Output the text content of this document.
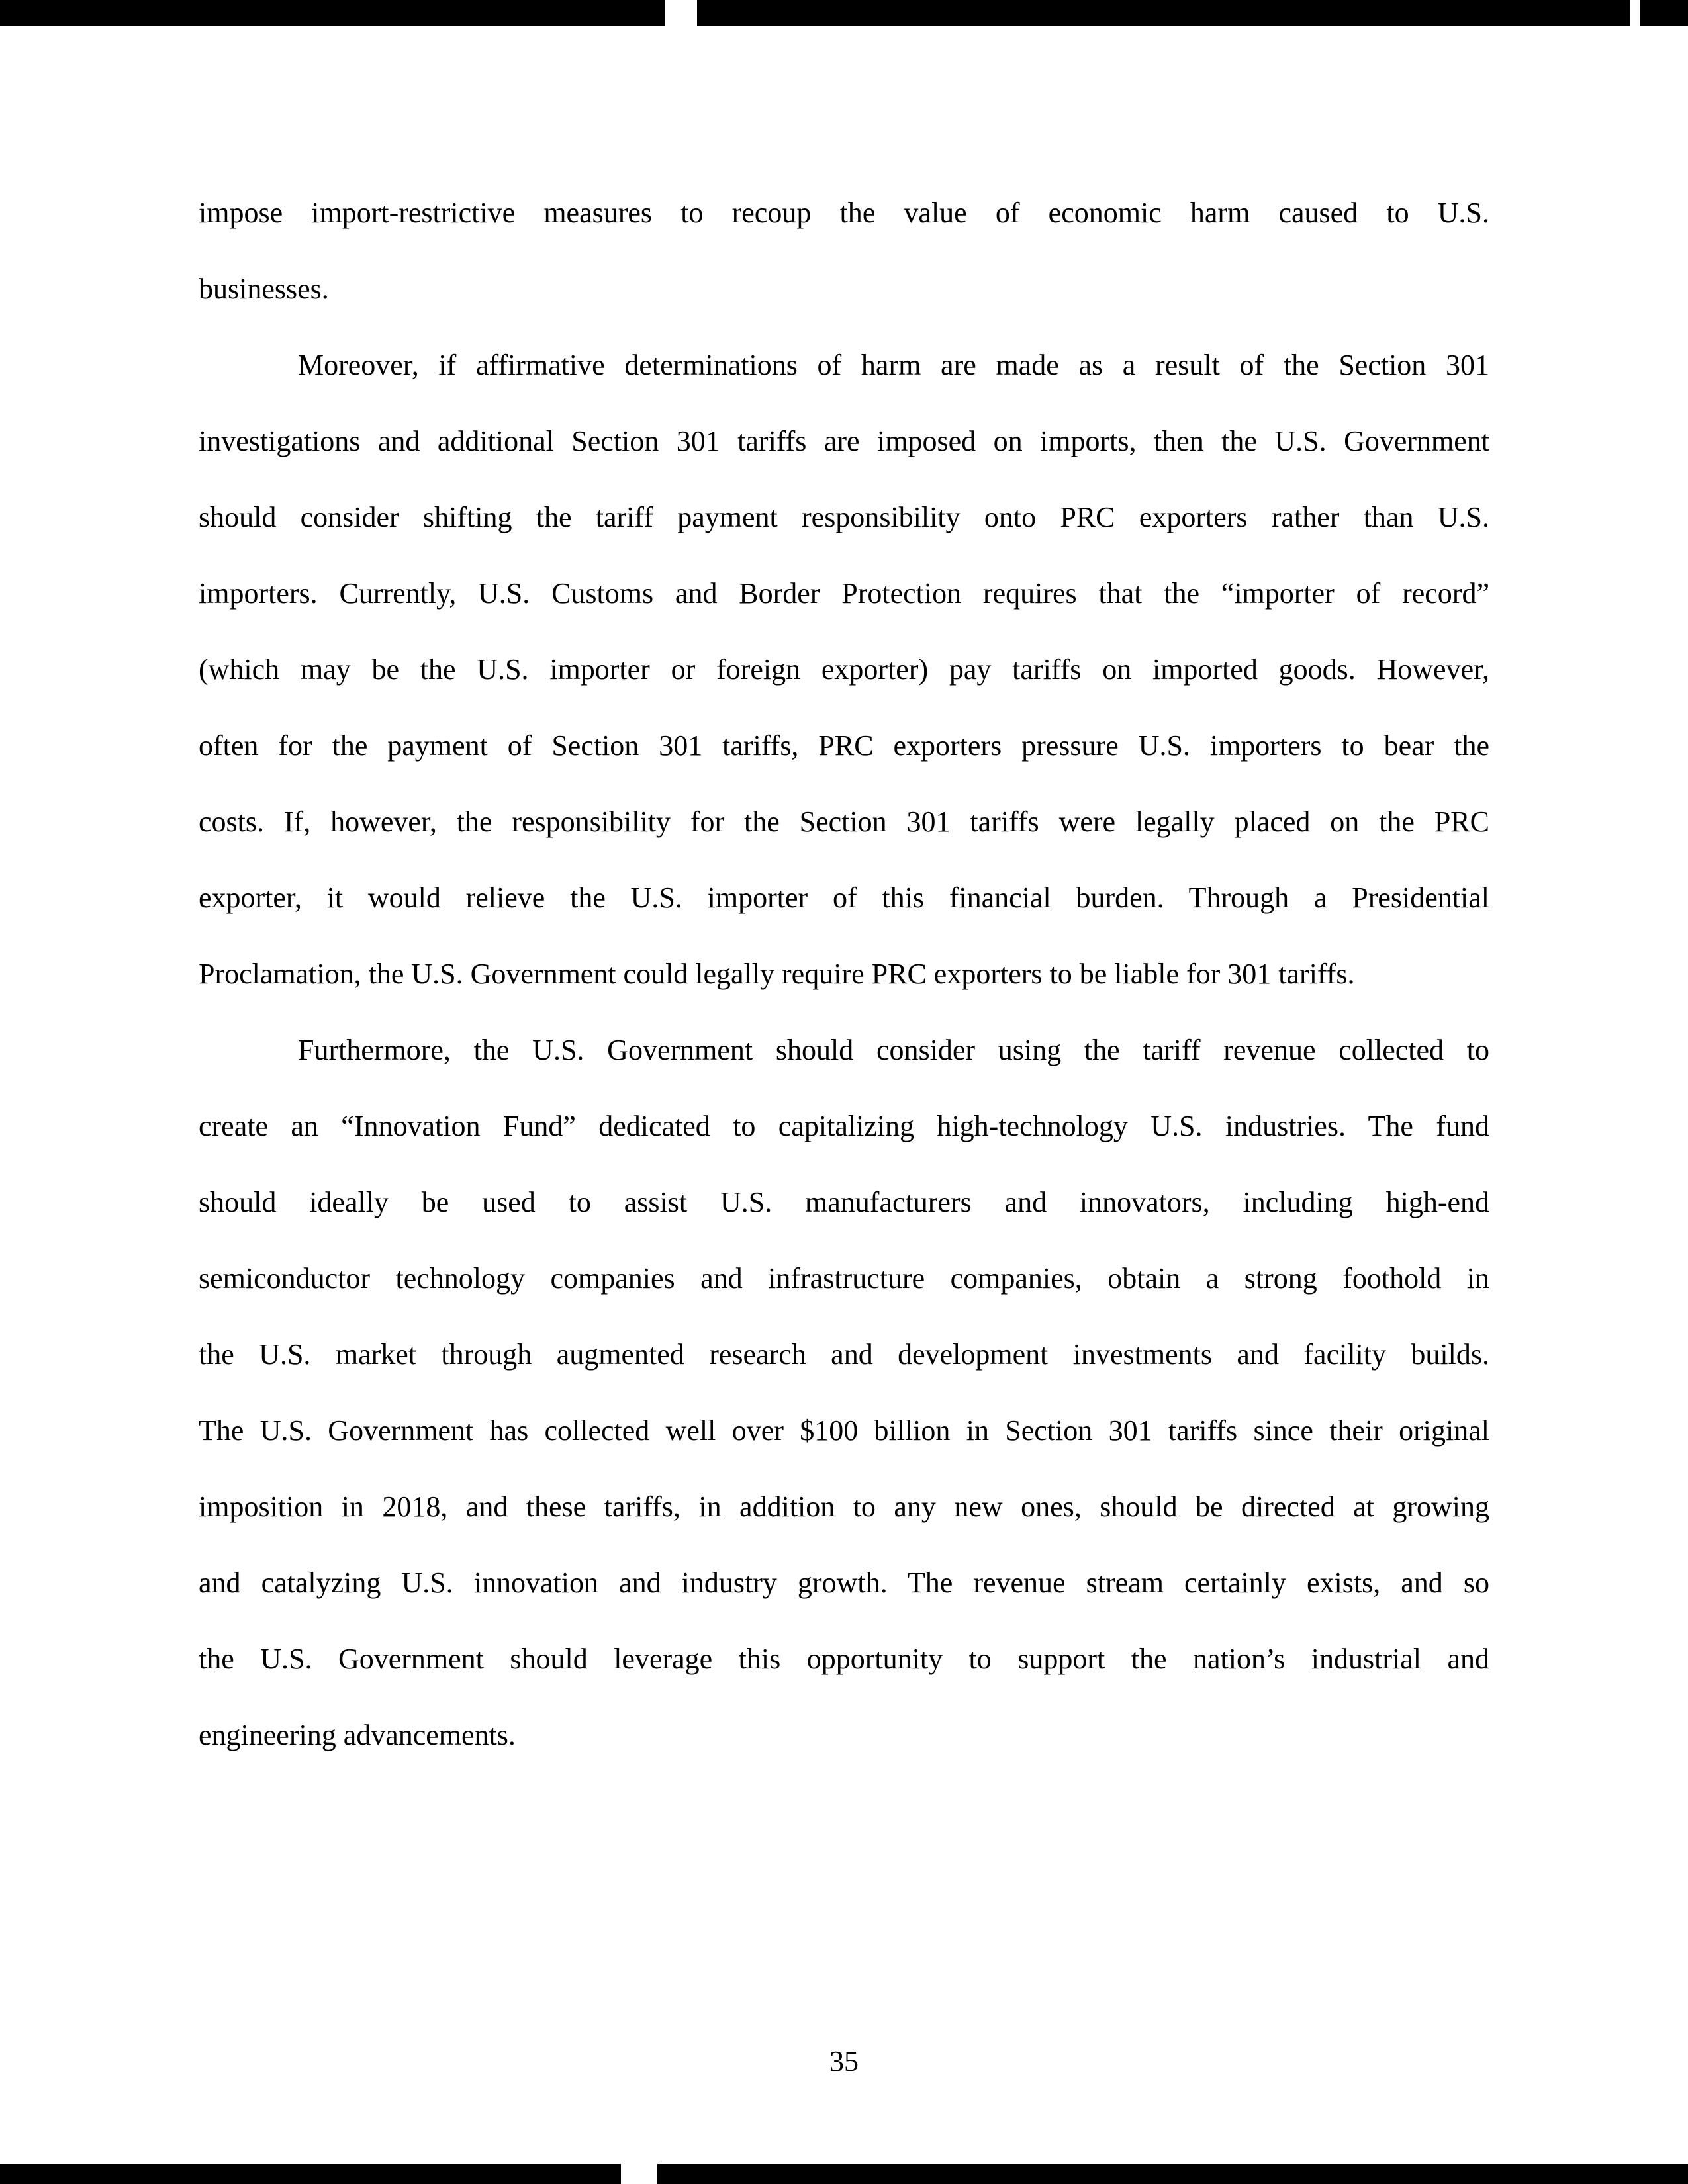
impose import-restrictive measures to recoup the value of economic harm caused to U.S.
businesses.
Moreover, if affirmative determinations of harm are made as a result of the Section 301
investigations and additional Section 301 tariffs are imposed on imports, then the U.S. Government
should consider shifting the tariff payment responsibility onto PRC exporters rather than U.S.
importers. Currently, U.S. Customs and Border Protection requires that the “importer of record”
(which may be the U.S. importer or foreign exporter) pay tariffs on imported goods. However,
often for the payment of Section 301 tariffs, PRC exporters pressure U.S. importers to bear the
costs. If, however, the responsibility for the Section 301 tariffs were legally placed on the PRC
exporter, it would relieve the U.S. importer of this financial burden. Through a Presidential
Proclamation, the U.S. Government could legally require PRC exporters to be liable for 301 tariffs.
Furthermore, the U.S. Government should consider using the tariff revenue collected to
create an “Innovation Fund” dedicated to capitalizing high-technology U.S. industries. The fund
should ideally be used to assist U.S. manufacturers and innovators, including high-end
semiconductor technology companies and infrastructure companies, obtain a strong foothold in
the U.S. market through augmented research and development investments and facility builds.
The U.S. Government has collected well over $100 billion in Section 301 tariffs since their original
imposition in 2018, and these tariffs, in addition to any new ones, should be directed at growing
and catalyzing U.S. innovation and industry growth. The revenue stream certainly exists, and so
the U.S. Government should leverage this opportunity to support the nation’s industrial and
engineering advancements.
35
